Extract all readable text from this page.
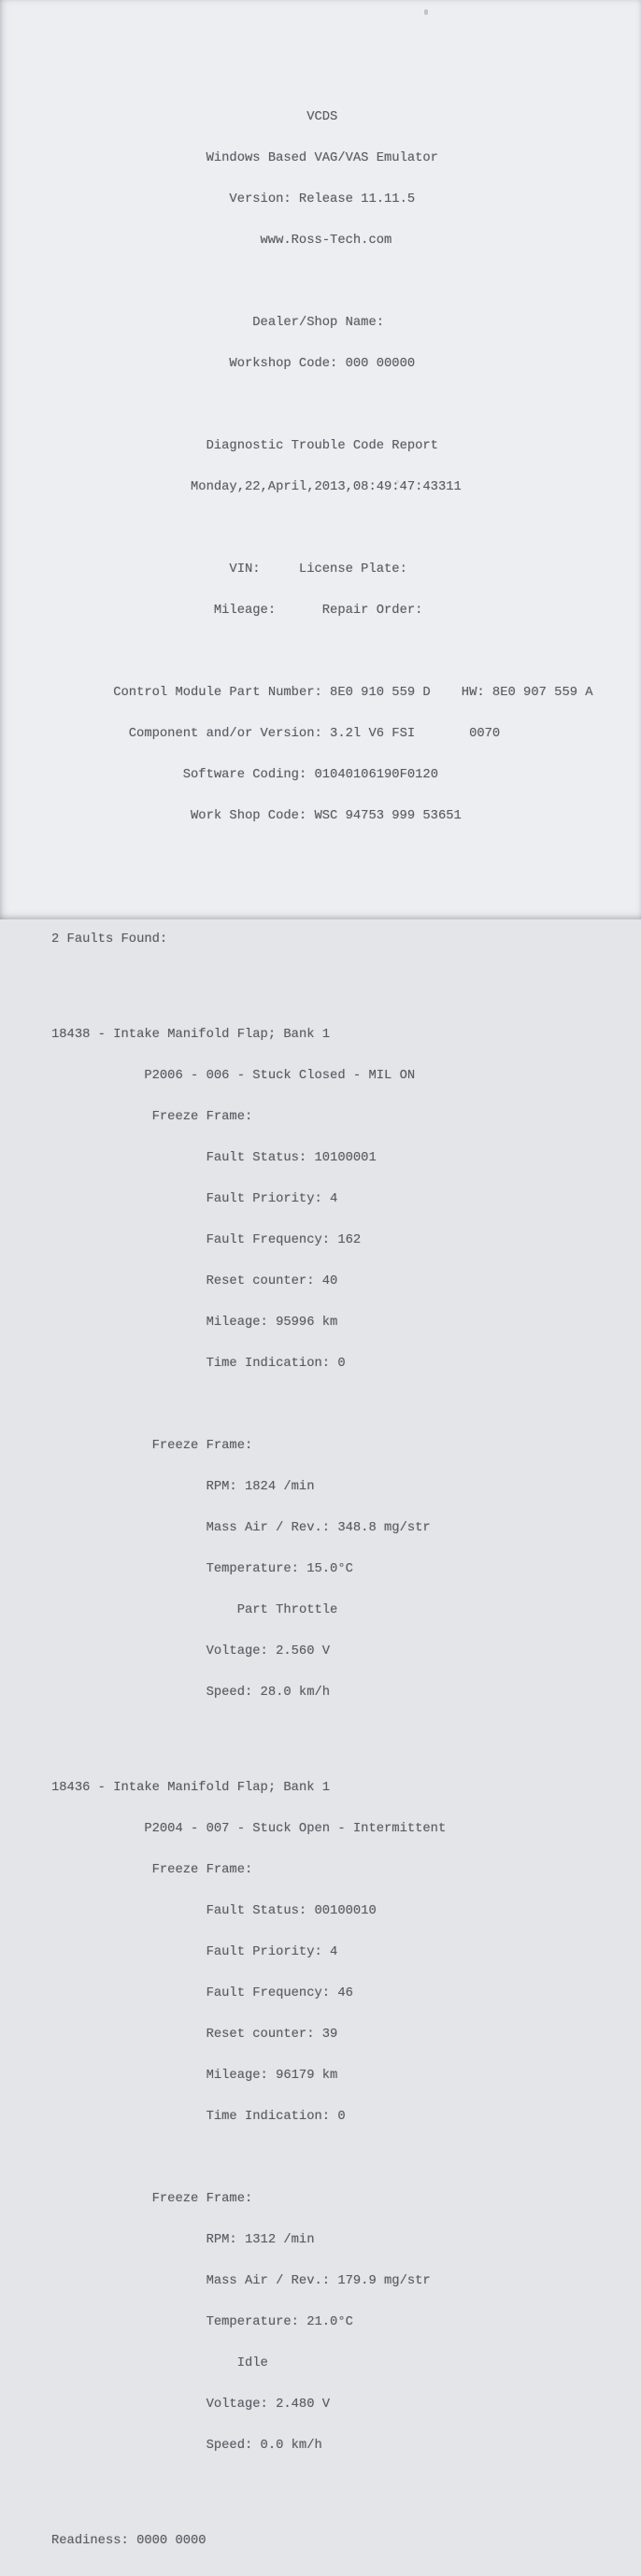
VCDS

Windows Based VAG/VAS Emulator

Version: Release 11.11.5

www.Ross-Tech.com

Dealer/Shop Name:

Workshop Code: 000 00000

Diagnostic Trouble Code Report

Monday,22,April,2013,08:49:47:43311

VIN:     License Plate:

Mileage:      Repair Order:

Control Module Part Number: 8E0 910 559 D    HW: 8E0 907 559 A

Component and/or Version: 3.2l V6 FSI       0070

Software Coding: 01040106190F0120

Work Shop Code: WSC 94753 999 53651

2 Faults Found:

18438 - Intake Manifold Flap; Bank 1

P2006 - 006 - Stuck Closed - MIL ON

Freeze Frame:

Fault Status: 10100001

Fault Priority: 4

Fault Frequency: 162

Reset counter: 40

Mileage: 95996 km

Time Indication: 0

Freeze Frame:

RPM: 1824 /min

Mass Air / Rev.: 348.8 mg/str

Temperature: 15.0°C

Part Throttle

Voltage: 2.560 V

Speed: 28.0 km/h

18436 - Intake Manifold Flap; Bank 1

P2004 - 007 - Stuck Open - Intermittent

Freeze Frame:

Fault Status: 00100010

Fault Priority: 4

Fault Frequency: 46

Reset counter: 39

Mileage: 96179 km

Time Indication: 0

Freeze Frame:

RPM: 1312 /min

Mass Air / Rev.: 179.9 mg/str

Temperature: 21.0°C

Idle

Voltage: 2.480 V

Speed: 0.0 km/h

Readiness: 0000 0000
